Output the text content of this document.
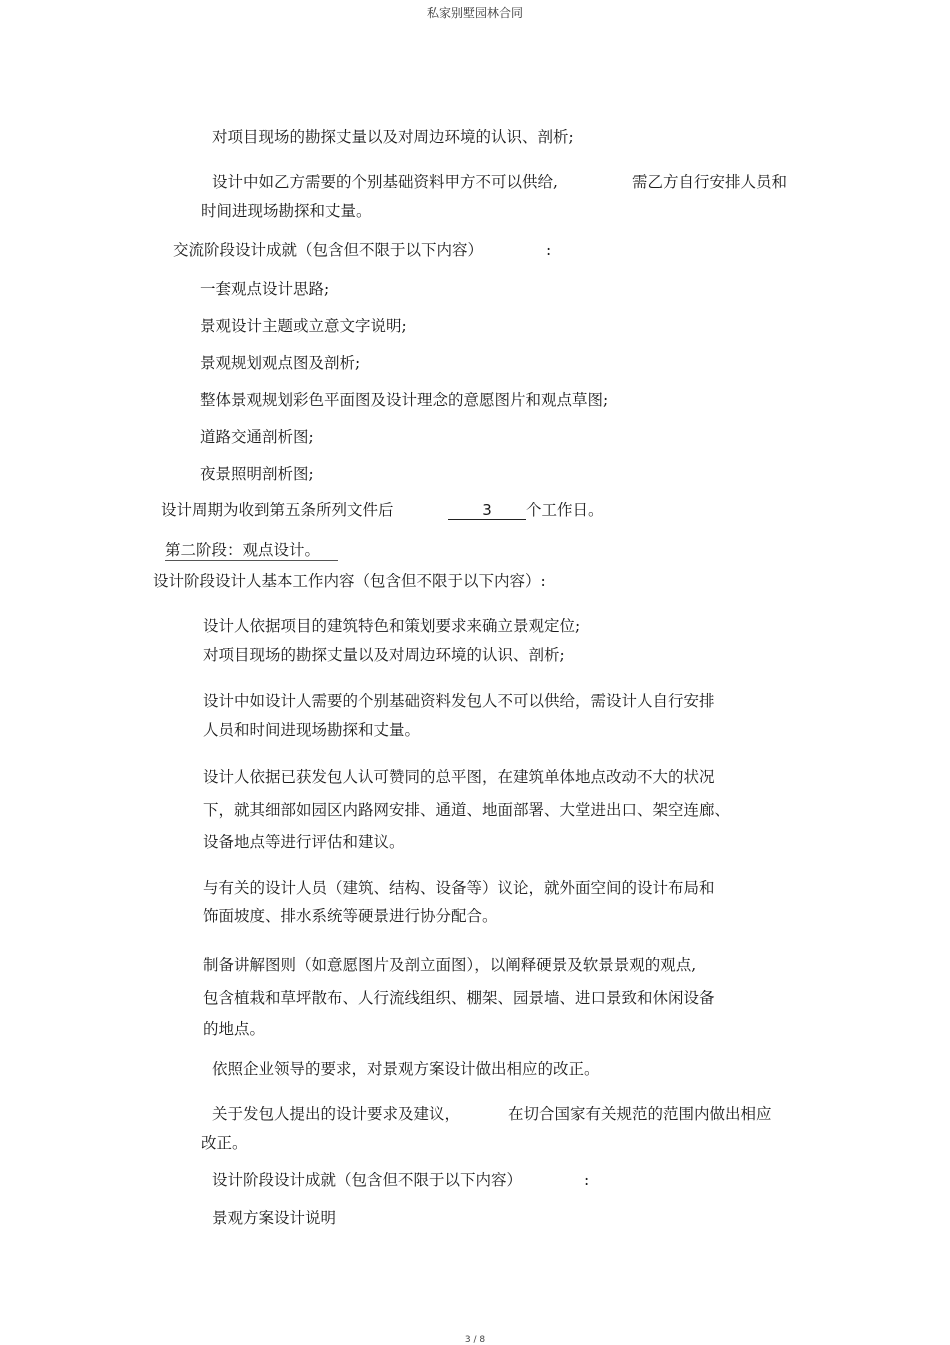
私家别墅园林合同
对项目现场的勘探丈量以及对周边环境的认识、剖析;
设计中如乙方需要的个别基础资料甲方不可以供给,	需乙方自行安排人员和
时间进现场勘探和丈量。
交流阶段设计成就（包含但不限于以下内容）	:
一套观点设计思路;
景观设计主题或立意文字说明;
景观规划观点图及剖析;
整体景观规划彩色平面图及设计理念的意愿图片和观点草图;
道路交通剖析图;
夜景照明剖析图;
设计周期为收到第五条所列文件后	3 个工作日。
第二阶段：观点设计。
设计阶段设计人基本工作内容（包含但不限于以下内容）:
设计人依据项目的建筑特色和策划要求来确立景观定位;
对项目现场的勘探丈量以及对周边环境的认识、剖析;
设计中如设计人需要的个别基础资料发包人不可以供给，需设计人自行安排
人员和时间进现场勘探和丈量。
设计人依据已获发包人认可赞同的总平图，在建筑单体地点改动不大的状况
下，就其细部如园区内路网安排、通道、地面部署、大堂进出口、架空连廊、
设备地点等进行评估和建议。
与有关的设计人员（建筑、结构、设备等）议论，就外面空间的设计布局和
饰面坡度、排水系统等硬景进行协分配合。
制备讲解图则（如意愿图片及剖立面图），以阐释硬景及软景景观的观点,
包含植栽和草坪散布、人行流线组织、棚架、园景墙、进口景致和休闲设备
的地点。
依照企业领导的要求，对景观方案设计做出相应的改正。
关于发包人提出的设计要求及建议，	在切合国家有关规范的范围内做出相应
改正。
设计阶段设计成就（包含但不限于以下内容）	:
景观方案设计说明
3 / 8
